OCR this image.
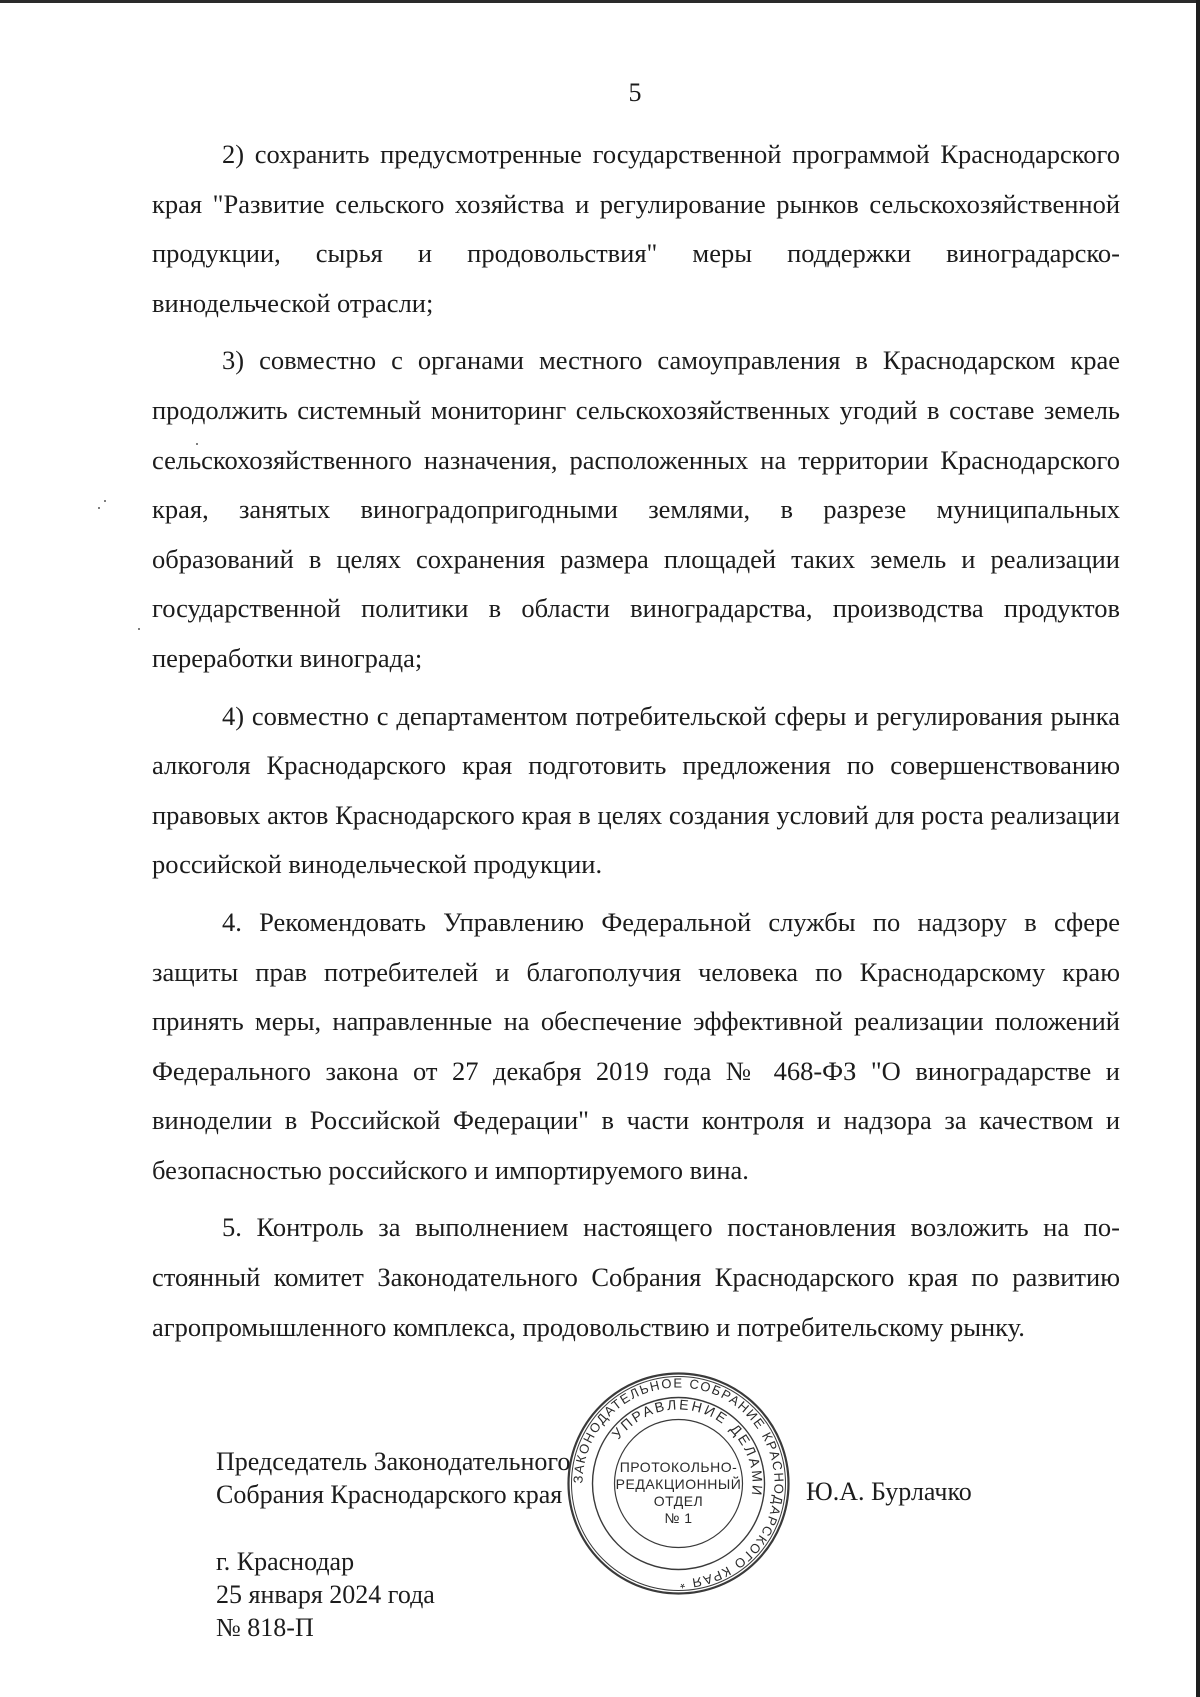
5

2) сохранить предусмотренные государственной программой Краснодарского края "Развитие сельского хозяйства и регулирование рынков сельскохозяйственной продукции, сырья и продовольствия" меры поддержки виноградарско-винодельческой отрасли;

3) совместно с органами местного самоуправления в Краснодарском крае продолжить системный мониторинг сельскохозяйственных угодий в составе земель сельскохозяйственного назначения, расположенных на территории Краснодарского края, занятых виноградопригодными землями, в разрезе муниципальных образований в целях сохранения размера площадей таких земель и реализации государственной политики в области виноградарства, производства продуктов переработки винограда;

4) совместно с департаментом потребительской сферы и регулирования рынка алкоголя Краснодарского края подготовить предложения по совершенствованию правовых актов Краснодарского края в целях создания условий для роста реализации российской винодельческой продукции.

4. Рекомендовать Управлению Федеральной службы по надзору в сфере защиты прав потребителей и благополучия человека по Краснодарскому краю принять меры, направленные на обеспечение эффективной реализации положений Федерального закона от 27 декабря 2019 года № 468-ФЗ "О виноградарстве и виноделии в Российской Федерации" в части контроля и надзора за качеством и безопасностью российского и импортируемого вина.

5. Контроль за выполнением настоящего постановления возложить на постоянный комитет Законодательного Собрания Краснодарского края по развитию агропромышленного комплекса, продовольствию и потребительскому рынку.

Председатель Законодательного
Собрания Краснодарского края
ЗАКОНОДАТЕЛЬНОЕ СОБРАНИЕ КРАСНОДАРСКОГО КРАЯ *
УПРАВЛЕНИЕ ДЕЛАМИ
ПРОТОКОЛЬНО-
РЕДАКЦИОННЫЙ
ОТДЕЛ
№ 1
Ю.А. Бурлачко
г. Краснодар
25 января 2024 года
№ 818-П
